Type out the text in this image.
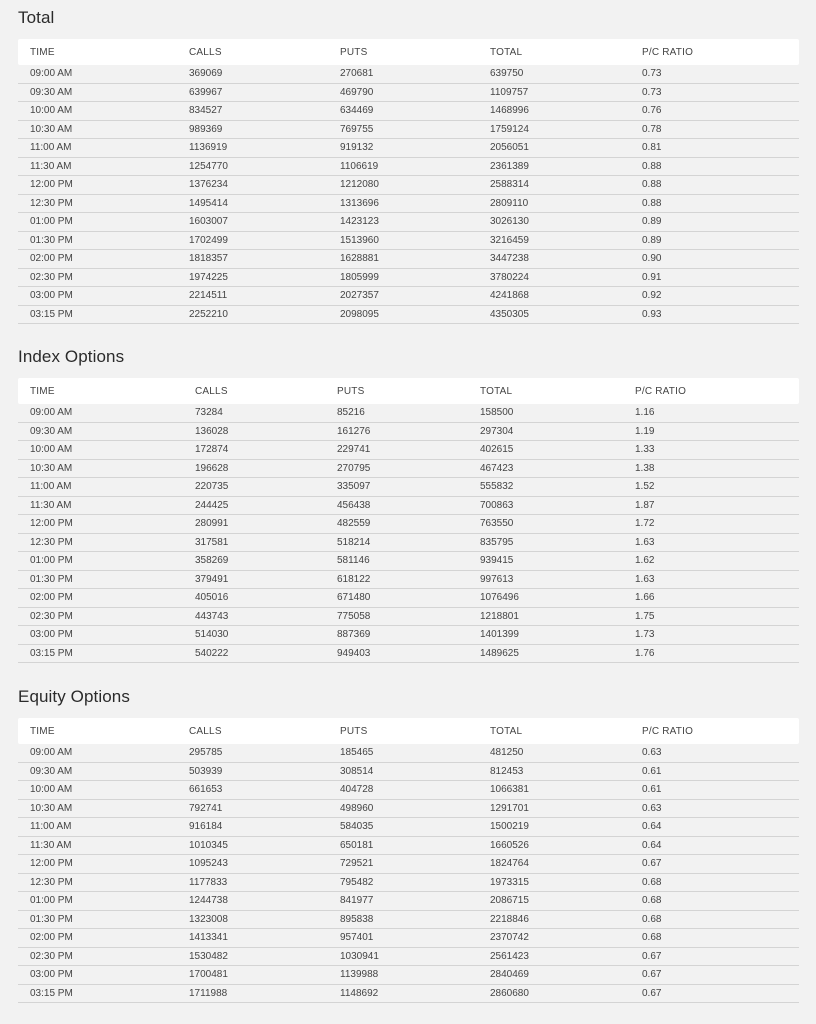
Total
TIME	CALLS	PUTS	TOTAL	P/C RATIO
09:00 AM	369069	270681	639750	0.73
09:30 AM	639967	469790	1109757	0.73
10:00 AM	834527	634469	1468996	0.76
10:30 AM	989369	769755	1759124	0.78
11:00 AM	1136919	919132	2056051	0.81
11:30 AM	1254770	1106619	2361389	0.88
12:00 PM	1376234	1212080	2588314	0.88
12:30 PM	1495414	1313696	2809110	0.88
01:00 PM	1603007	1423123	3026130	0.89
01:30 PM	1702499	1513960	3216459	0.89
02:00 PM	1818357	1628881	3447238	0.90
02:30 PM	1974225	1805999	3780224	0.91
03:00 PM	2214511	2027357	4241868	0.92
03:15 PM	2252210	2098095	4350305	0.93
Index Options
TIME	CALLS	PUTS	TOTAL	P/C RATIO
09:00 AM	73284	85216	158500	1.16
09:30 AM	136028	161276	297304	1.19
10:00 AM	172874	229741	402615	1.33
10:30 AM	196628	270795	467423	1.38
11:00 AM	220735	335097	555832	1.52
11:30 AM	244425	456438	700863	1.87
12:00 PM	280991	482559	763550	1.72
12:30 PM	317581	518214	835795	1.63
01:00 PM	358269	581146	939415	1.62
01:30 PM	379491	618122	997613	1.63
02:00 PM	405016	671480	1076496	1.66
02:30 PM	443743	775058	1218801	1.75
03:00 PM	514030	887369	1401399	1.73
03:15 PM	540222	949403	1489625	1.76
Equity Options
TIME	CALLS	PUTS	TOTAL	P/C RATIO
09:00 AM	295785	185465	481250	0.63
09:30 AM	503939	308514	812453	0.61
10:00 AM	661653	404728	1066381	0.61
10:30 AM	792741	498960	1291701	0.63
11:00 AM	916184	584035	1500219	0.64
11:30 AM	1010345	650181	1660526	0.64
12:00 PM	1095243	729521	1824764	0.67
12:30 PM	1177833	795482	1973315	0.68
01:00 PM	1244738	841977	2086715	0.68
01:30 PM	1323008	895838	2218846	0.68
02:00 PM	1413341	957401	2370742	0.68
02:30 PM	1530482	1030941	2561423	0.67
03:00 PM	1700481	1139988	2840469	0.67
03:15 PM	1711988	1148692	2860680	0.67
